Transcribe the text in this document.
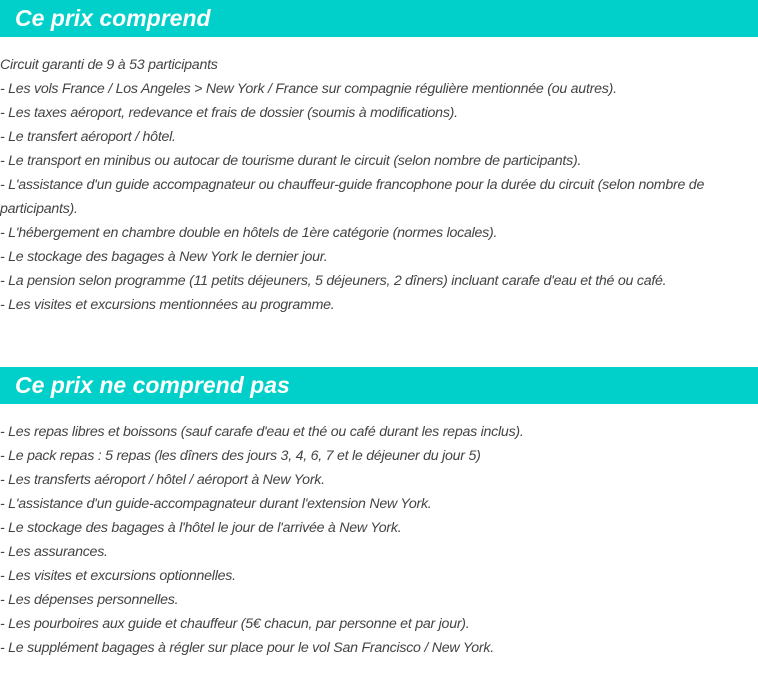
Ce prix comprend
Circuit garanti de 9 à 53 participants
- Les vols France / Los Angeles > New York / France sur compagnie régulière mentionnée (ou autres).
- Les taxes aéroport, redevance et frais de dossier (soumis à modifications).
- Le transfert aéroport / hôtel.
- Le transport en minibus ou autocar de tourisme durant le circuit (selon nombre de participants).
- L'assistance d'un guide accompagnateur ou chauffeur-guide francophone pour la durée du circuit (selon nombre de participants).
- L'hébergement en chambre double en hôtels de 1ère catégorie (normes locales).
- Le stockage des bagages à New York le dernier jour.
- La pension selon programme (11 petits déjeuners, 5 déjeuners, 2 dîners) incluant carafe d'eau et thé ou café.
- Les visites et excursions mentionnées au programme.
Ce prix ne comprend pas
- Les repas libres et boissons (sauf carafe d'eau et thé ou café durant les repas inclus).
- Le pack repas : 5 repas (les dîners des jours 3, 4, 6, 7 et le déjeuner du jour 5)
- Les transferts aéroport / hôtel / aéroport à New York.
- L'assistance d'un guide-accompagnateur durant l'extension New York.
- Le stockage des bagages à l'hôtel le jour de l'arrivée à New York.
- Les assurances.
- Les visites et excursions optionnelles.
- Les dépenses personnelles.
- Les pourboires aux guide et chauffeur (5€ chacun, par personne et par jour).
- Le supplément bagages à régler sur place pour le vol San Francisco / New York.
